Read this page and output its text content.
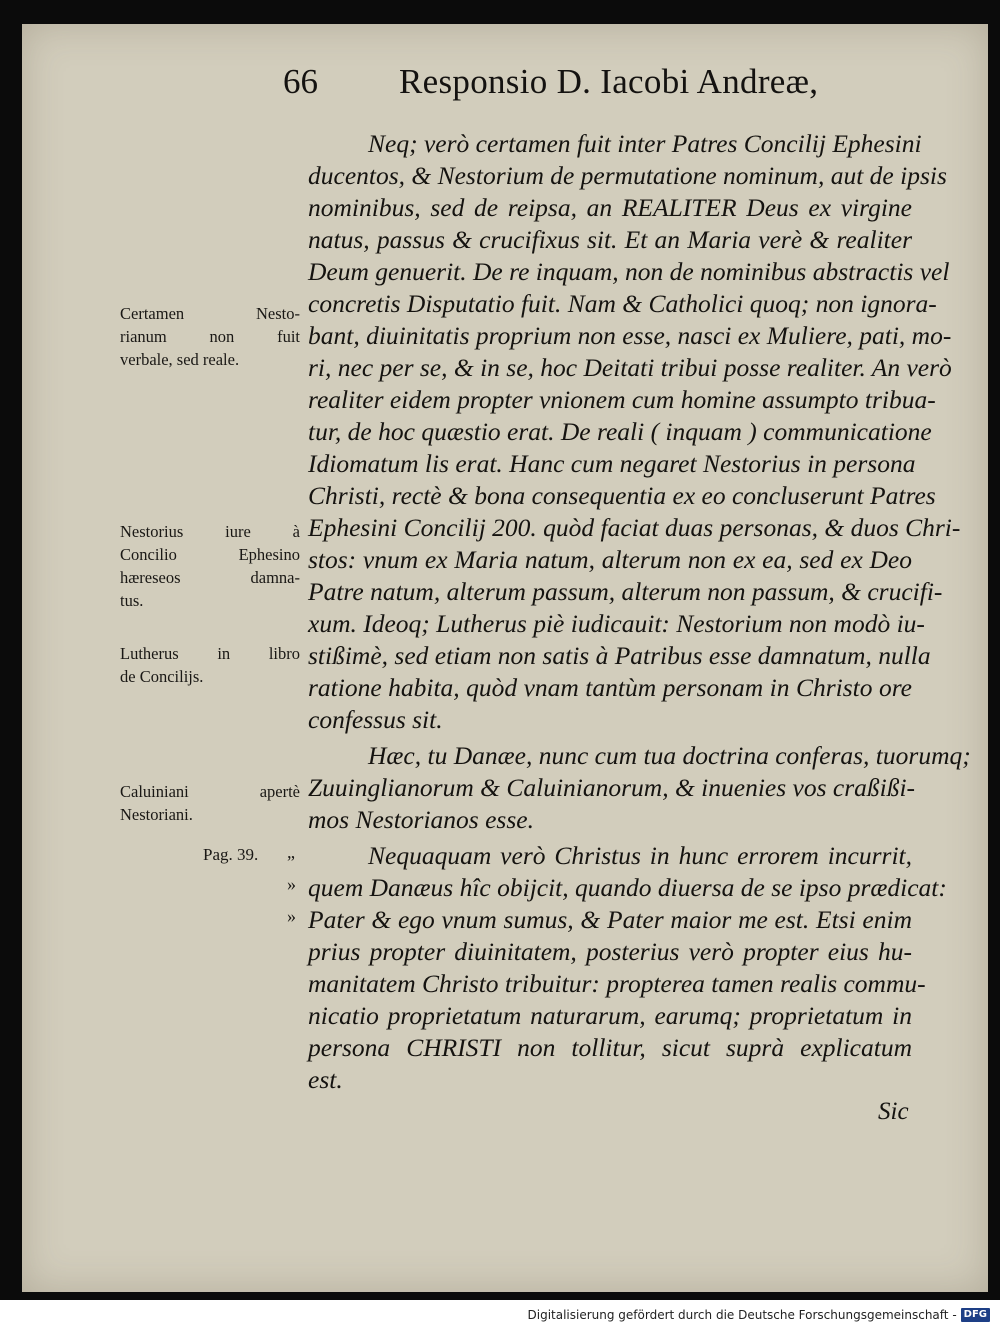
66 Responsio D. Iacobi Andreæ,
Neq; verò certamen fuit inter Patres Concilij Ephesini
ducentos, & Nestorium de permutatione nominum, aut de ipsis
nominibus, sed de reipsa, an REALITER Deus ex virgine
natus, passus & crucifixus sit. Et an Maria verè & realiter
Deum genuerit. De re inquam, non de nominibus abstractis vel
concretis Disputatio fuit. Nam & Catholici quoq; non ignora-
bant, diuinitatis proprium non esse, nasci ex Muliere, pati, mo-
ri, nec per se, & in se, hoc Deitati tribui posse realiter. An verò
realiter eidem propter vnionem cum homine assumpto tribua-
tur, de hoc quæstio erat. De reali ( inquam ) communicatione
Idiomatum lis erat. Hanc cum negaret Nestorius in persona
Christi, rectè & bona consequentia ex eo concluserunt Patres
Ephesini Concilij 200. quòd faciat duas personas, & duos Chri-
stos: vnum ex Maria natum, alterum non ex ea, sed ex Deo
Patre natum, alterum passum, alterum non passum, & crucifi-
xum. Ideoq; Lutherus piè iudicauit: Nestorium non modò iu-
stißimè, sed etiam non satis à Patribus esse damnatum, nulla
ratione habita, quòd vnam tantùm personam in Christo ore
confessus sit.
Hæc, tu Danæe, nunc cum tua doctrina conferas, tuorumq;
Zuuinglianorum & Caluinianorum, & inuenies vos craßißi-
mos Nestorianos esse.
Nequaquam verò Christus in hunc errorem incurrit,
quem Danæus hîc obijcit, quando diuersa de se ipso prædicat:
Pater & ego vnum sumus, & Pater maior me est. Etsi enim
prius propter diuinitatem, posterius verò propter eius hu-
manitatem Christo tribuitur: propterea tamen realis commu-
nicatio proprietatum naturarum, earumq; proprietatum in
persona CHRISTI non tollitur, sicut suprà explicatum
est.
Certamen Nesto-
rianum non fuit
verbale, sed reale.
Nestorius iure à
Concilio Ephesino
hæreseos damna-
tus.
Lutherus in libro
de Concilijs.
Caluiniani apertè
Nestoriani.
Pag. 39. „
»
»
Sic
Digitalisierung gefördert durch die Deutsche Forschungsgemeinschaft - DFG
